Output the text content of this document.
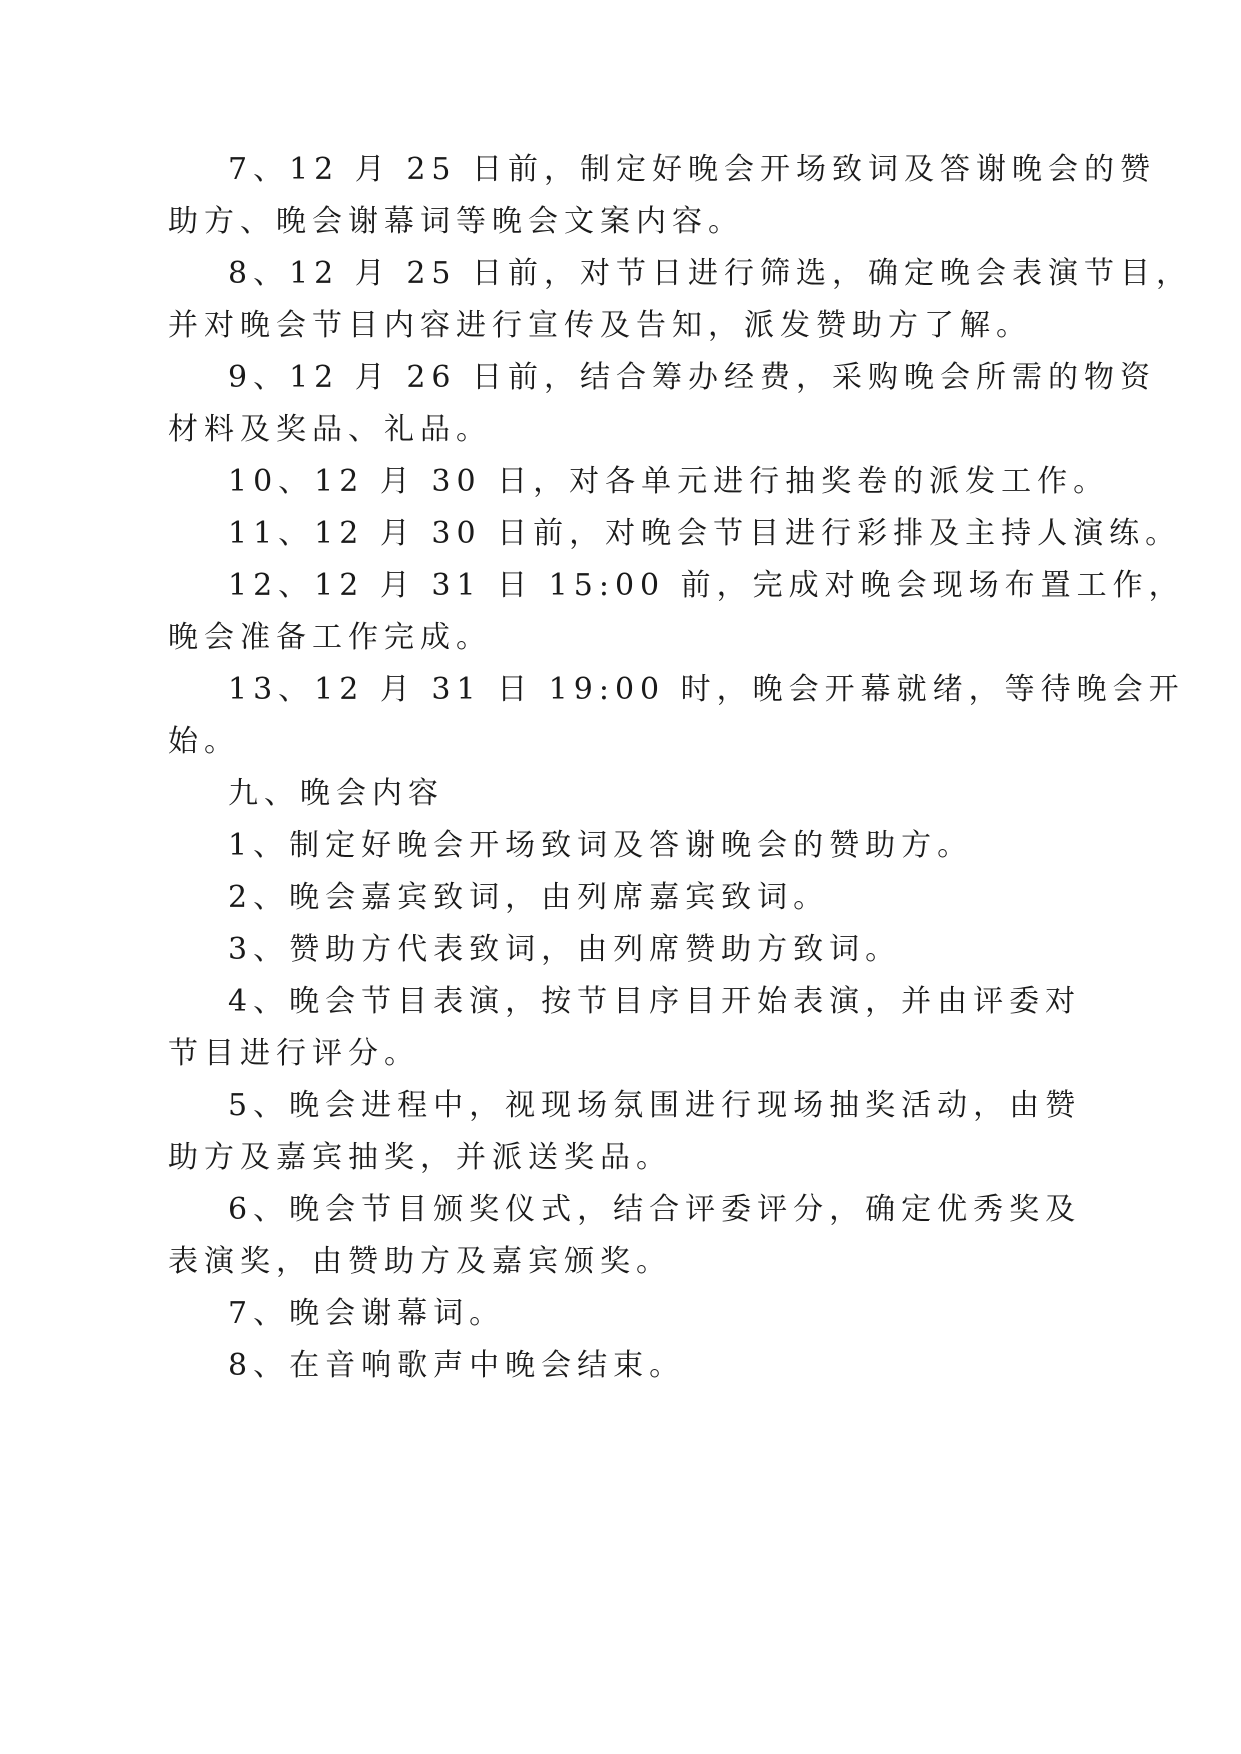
7、12 月 25 日前，制定好晚会开场致词及答谢晚会的赞
助方、晚会谢幕词等晚会文案内容。
8、12 月 25 日前，对节日进行筛选，确定晚会表演节目，
并对晚会节目内容进行宣传及告知，派发赞助方了解。
9、12 月 26 日前，结合筹办经费，采购晚会所需的物资
材料及奖品、礼品。
10、12 月 30 日，对各单元进行抽奖卷的派发工作。
11、12 月 30 日前，对晚会节目进行彩排及主持人演练。
12、12 月 31 日 15:00 前，完成对晚会现场布置工作，
晚会准备工作完成。
13、12 月 31 日 19:00 时，晚会开幕就绪，等待晚会开
始。
九、晚会内容
1、制定好晚会开场致词及答谢晚会的赞助方。
2、晚会嘉宾致词，由列席嘉宾致词。
3、赞助方代表致词，由列席赞助方致词。
4、晚会节目表演，按节目序目开始表演，并由评委对
节目进行评分。
5、晚会进程中，视现场氛围进行现场抽奖活动，由赞
助方及嘉宾抽奖，并派送奖品。
6、晚会节目颁奖仪式，结合评委评分，确定优秀奖及
表演奖，由赞助方及嘉宾颁奖。
7、晚会谢幕词。
8、在音响歌声中晚会结束。
